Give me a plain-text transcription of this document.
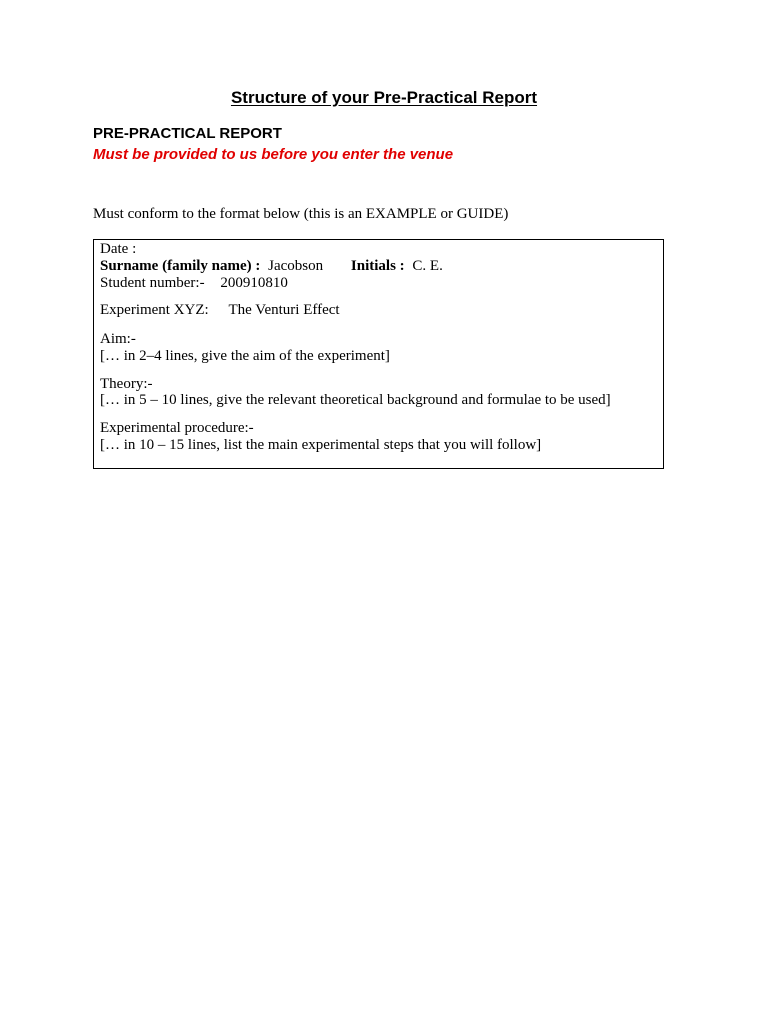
Structure of your Pre-Practical Report
PRE-PRACTICAL REPORT

Must be provided to us before you enter the venue

Must conform to the format below (this is an EXAMPLE or GUIDE)

Date :
Surname (family name) : Jacobson Initials : C. E.
Student number:- 200910810
Experiment XYZ: The Venturi Effect
Aim:-
[… in 2–4 lines, give the aim of the experiment]
Theory:-
[… in 5 – 10 lines, give the relevant theoretical background and formulae to be used]
Experimental procedure:-
[… in 10 – 15 lines, list the main experimental steps that you will follow]
